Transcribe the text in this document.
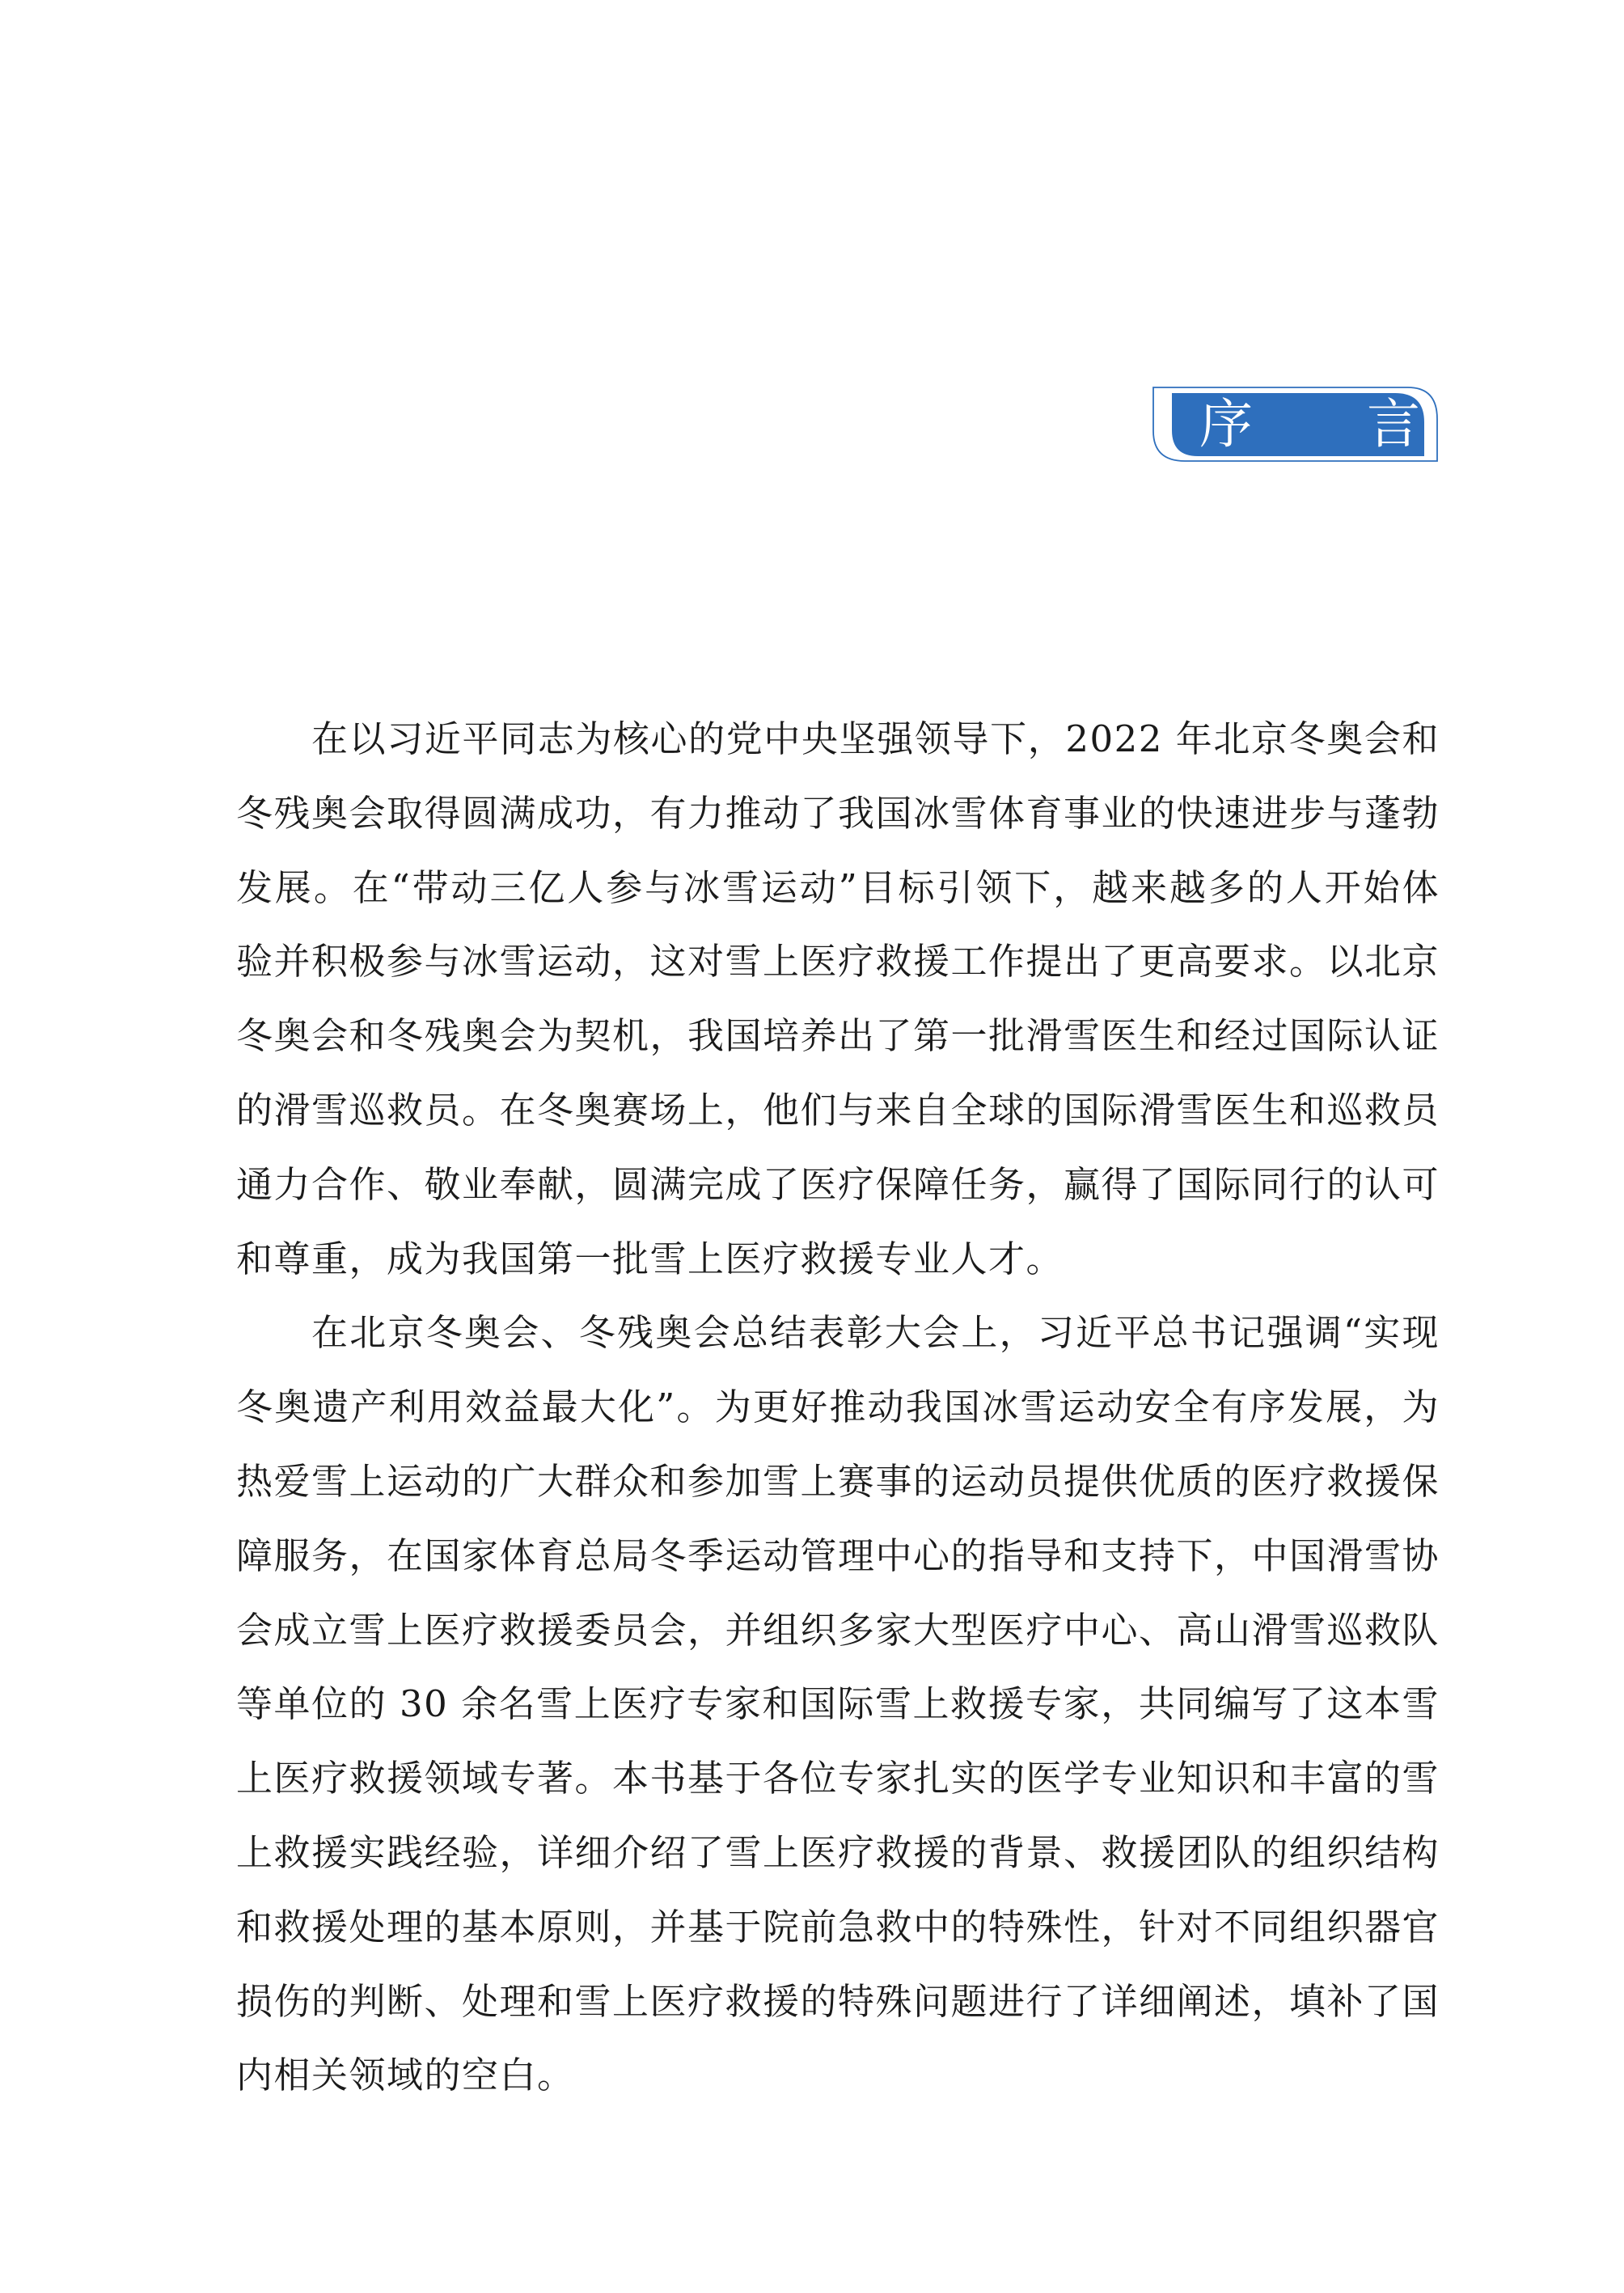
序 言

在以习近平同志为核心的党中央坚强领导下，2022 年北京冬奥会和冬残奥会取得圆满成功，有力推动了我国冰雪体育事业的快速进步与蓬勃发展。在“带动三亿人参与冰雪运动”目标引领下，越来越多的人开始体验并积极参与冰雪运动，这对雪上医疗救援工作提出了更高要求。以北京冬奥会和冬残奥会为契机，我国培养出了第一批滑雪医生和经过国际认证的滑雪巡救员。在冬奥赛场上，他们与来自全球的国际滑雪医生和巡救员通力合作、敬业奉献，圆满完成了医疗保障任务，赢得了国际同行的认可和尊重，成为我国第一批雪上医疗救援专业人才。

在北京冬奥会、冬残奥会总结表彰大会上，习近平总书记强调“实现冬奥遗产利用效益最大化”。为更好推动我国冰雪运动安全有序发展，为热爱雪上运动的广大群众和参加雪上赛事的运动员提供优质的医疗救援保障服务，在国家体育总局冬季运动管理中心的指导和支持下，中国滑雪协会成立雪上医疗救援委员会，并组织多家大型医疗中心、高山滑雪巡救队等单位的 30 余名雪上医疗专家和国际雪上救援专家，共同编写了这本雪上医疗救援领域专著。本书基于各位专家扎实的医学专业知识和丰富的雪上救援实践经验，详细介绍了雪上医疗救援的背景、救援团队的组织结构和救援处理的基本原则，并基于院前急救中的特殊性，针对不同组织器官损伤的判断、处理和雪上医疗救援的特殊问题进行了详细阐述，填补了国内相关领域的空白。
